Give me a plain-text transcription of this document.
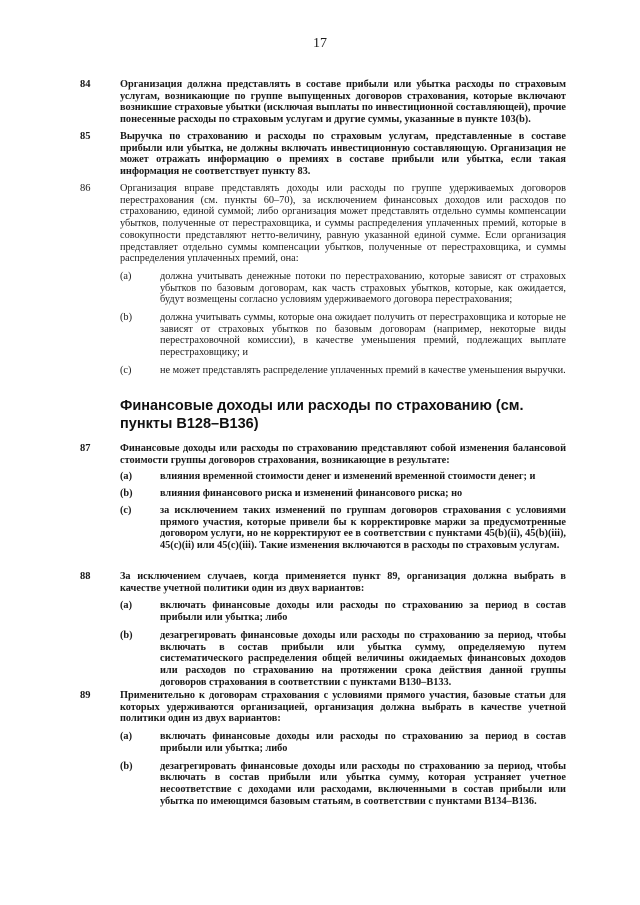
17
84	Организация должна представлять в составе прибыли или убытка расходы по страховым услугам, возникающие по группе выпущенных договоров страхования, которые включают возникшие страховые убытки (исключая выплаты по инвестиционной составляющей), прочие понесенные расходы по страховым услугам и другие суммы, указанные в пункте 103(b).
85	Выручка по страхованию и расходы по страховым услугам, представленные в составе прибыли или убытка, не должны включать инвестиционную составляющую. Организация не может отражать информацию о премиях в составе прибыли или убытка, если такая информация не соответствует пункту 83.
86	Организация вправе представлять доходы или расходы по группе удерживаемых договоров перестрахования (см. пункты 60–70), за исключением финансовых доходов или расходов по страхованию, единой суммой; либо организация может представлять отдельно суммы компенсации убытков, полученные от перестраховщика, и суммы распределения уплаченных премий, которые в совокупности представляют нетто-величину, равную указанной единой сумме. Если организация представляет отдельно суммы компенсации убытков, полученные от перестраховщика, и суммы распределения уплаченных премий, она:
(a)	должна учитывать денежные потоки по перестрахованию, которые зависят от страховых убытков по базовым договорам, как часть страховых убытков, которые, как ожидается, будут возмещены согласно условиям удерживаемого договора перестрахования;
(b)	должна учитывать суммы, которые она ожидает получить от перестраховщика и которые не зависят от страховых убытков по базовым договорам (например, некоторые виды перестраховочной комиссии), в качестве уменьшения премий, подлежащих выплате перестраховщику; и
(c)	не может представлять распределение уплаченных премий в качестве уменьшения выручки.
Финансовые доходы или расходы по страхованию (см. пункты B128–B136)
87	Финансовые доходы или расходы по страхованию представляют собой изменения балансовой стоимости группы договоров страхования, возникающие в результате:
(a)	влияния временной стоимости денег и изменений временной стоимости денег; и
(b)	влияния финансового риска и изменений финансового риска; но
(c)	за исключением таких изменений по группам договоров страхования с условиями прямого участия, которые привели бы к корректировке маржи за предусмотренные договором услуги, но не корректируют ее в соответствии с пунктами 45(b)(ii), 45(b)(iii), 45(c)(ii) или 45(c)(iii). Такие изменения включаются в расходы по страховым услугам.
88	За исключением случаев, когда применяется пункт 89, организация должна выбрать в качестве учетной политики один из двух вариантов:
(a)	включать финансовые доходы или расходы по страхованию за период в состав прибыли или убытка; либо
(b)	дезагрегировать финансовые доходы или расходы по страхованию за период, чтобы включать в состав прибыли или убытка сумму, определяемую путем систематического распределения общей величины ожидаемых финансовых доходов или расходов по страхованию на протяжении срока действия данной группы договоров страхования в соответствии с пунктами B130–B133.
89	Применительно к договорам страхования с условиями прямого участия, базовые статьи для которых удерживаются организацией, организация должна выбрать в качестве учетной политики один из двух вариантов:
(a)	включать финансовые доходы или расходы по страхованию за период в состав прибыли или убытка; либо
(b)	дезагрегировать финансовые доходы или расходы по страхованию за период, чтобы включать в состав прибыли или убытка сумму, которая устраняет учетное несоответствие с доходами или расходами, включенными в состав прибыли или убытка по имеющимся базовым статьям, в соответствии с пунктами B134–B136.
